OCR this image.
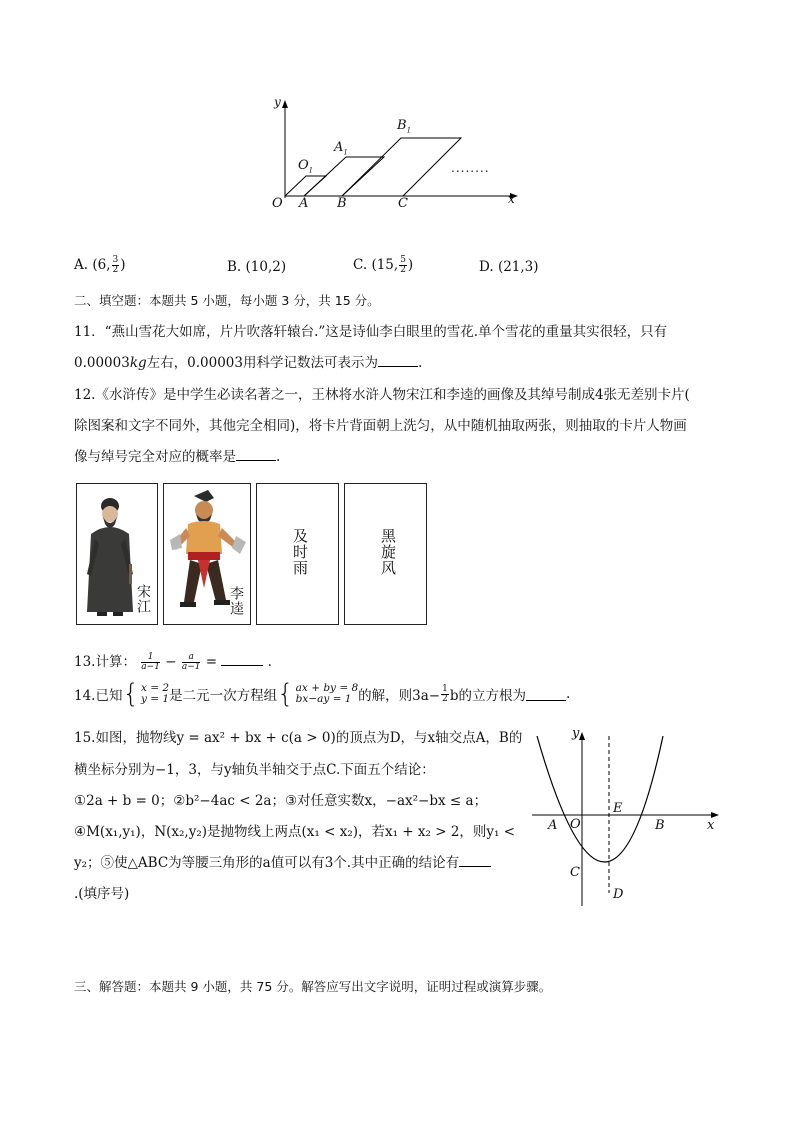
y
x
O A B	C
$O_1$
$A_1$
$B_1$
........
A. (6, $\frac{3}{2}$ )	B. (10,2)	C. (15, $\frac{5}{2}$ )	D. (21,3)
二、填空题：本题共 5 小题，每小题 3 分，共 15 分。
11．“燕山雪花大如席，片片吹落轩辕台.”这是诗仙李白眼里的雪花.单个雪花的重量其实很轻，只有
0.00003kg左右，0.00003用科学记数法可表示为	.
12.《水浒传》是中学生必读名著之一，王林将水浒人物宋江和李逵的画像及其绰号制成4张无差别卡片(
除图案和文字不同外，其他完全相同)，将卡片背面朝上洗匀，从中随机抽取两张，则抽取的卡片人物画
像与绰号完全对应的概率是	.
宋江	李逵
及时雨	黑旋风
13.计算： $\frac{1}{a-1} - \frac{a}{a-1}$ =	.
14.已知{ x = 2
y = 1 是二元一次方程组{ ax + by = 8
bx−ay = 1 的解，则$3a- \frac{1}{2}$ b的立方根为	.
15.如图，抛物线y = ax² + bx + c(a > 0)的顶点为D，与x轴交点A，B的
横坐标分别为−1，3，与y轴负半轴交于点C.下面五个结论：
①2a + b = 0；②b²−4ac < 2a；③对任意实数x，−ax²−bx ≤ a；
④M(x₁,y₁)，N(x₂,y₂)是抛物线上两点(x₁ < x₂)，若x₁ + x₂ > 2，则y₁ <
y₂；⑤使△ABC为等腰三角形的a值可以有3个.其中正确的结论有
.(填序号)
y
x
A O
E
B
C
D
三、解答题：本题共 9 小题，共 75 分。解答应写出文字说明，证明过程或演算步骤。
